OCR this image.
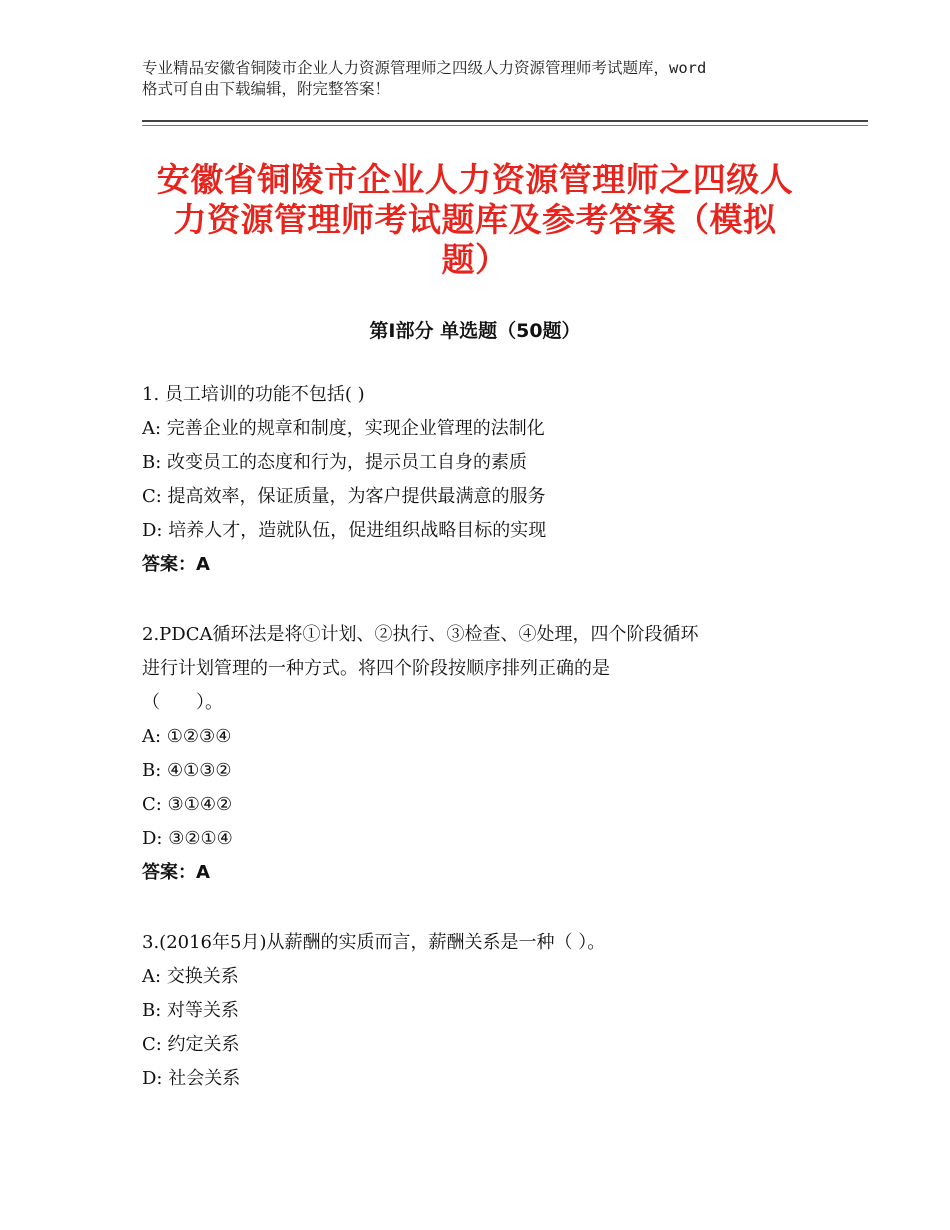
专业精品安徽省铜陵市企业人力资源管理师之四级人力资源管理师考试题库，word
格式可自由下载编辑，附完整答案！
安徽省铜陵市企业人力资源管理师之四级人
力资源管理师考试题库及参考答案（模拟
题）
第Ⅰ部分 单选题（50题）
1. 员工培训的功能不包括( )
A: 完善企业的规章和制度，实现企业管理的法制化
B: 改变员工的态度和行为，提示员工自身的素质
C: 提高效率，保证质量，为客户提供最满意的服务
D: 培养人才，造就队伍，促进组织战略目标的实现
答案：A
2.PDCA循环法是将①计划、②执行、③检查、④处理，四个阶段循环
进行计划管理的一种方式。将四个阶段按顺序排列正确的是
（　　）。
A: ①②③④
B: ④①③②
C: ③①④②
D: ③②①④
答案：A
3.(2016年5月)从薪酬的实质而言，薪酬关系是一种（ ）。
A: 交换关系
B: 对等关系
C: 约定关系
D: 社会关系
